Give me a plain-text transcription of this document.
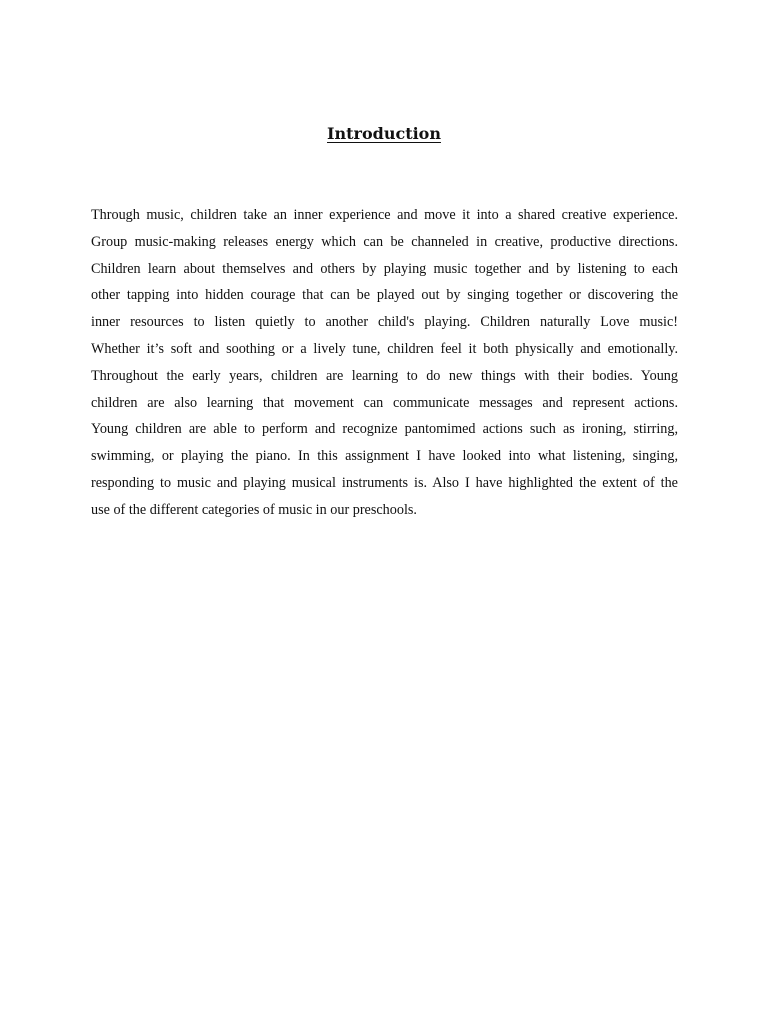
Introduction
Through music, children take an inner experience and move it into a shared creative experience.
Group music-making releases energy which can be channeled in creative, productive directions.
Children learn about themselves and others by playing music together and by listening to each
other tapping into hidden courage that can be played out by singing together or discovering the
inner resources to listen quietly to another child's playing. Children naturally Love music!
Whether it’s soft and soothing or a lively tune, children feel it both physically and emotionally.
Throughout the early years, children are learning to do new things with their bodies. Young
children are also learning that movement can communicate messages and represent actions.
Young children are able to perform and recognize pantomimed actions such as ironing, stirring,
swimming, or playing the piano. In this assignment I have looked into what listening, singing,
responding to music and playing musical instruments is. Also I have highlighted the extent of the
use of the different categories of music in our preschools.
